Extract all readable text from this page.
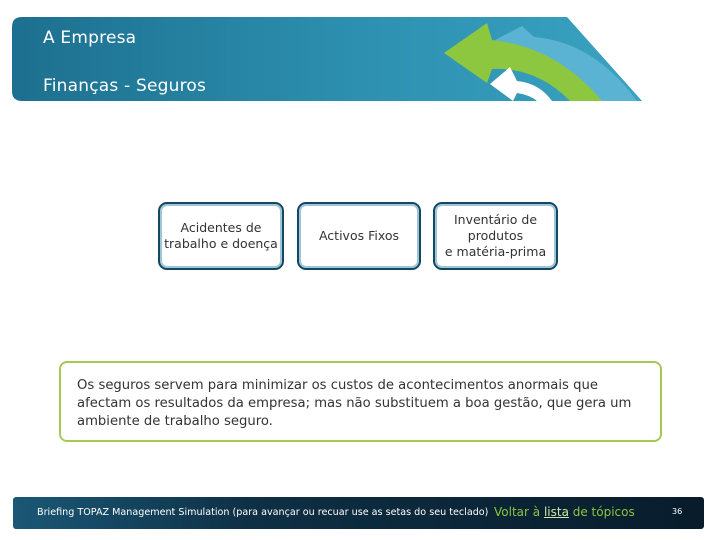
A Empresa
Finanças - Seguros
Acidentes de
trabalho e doença
Activos Fixos
Inventário de
produtos
e matéria-prima
Os seguros servem para minimizar os custos de acontecimentos anormais que
afectam os resultados da empresa; mas não substituem a boa gestão, que gera um
ambiente de trabalho seguro.
Briefing TOPAZ Management Simulation (para avançar ou recuar use as setas do seu teclado) Voltar à lista de tópicos	36
